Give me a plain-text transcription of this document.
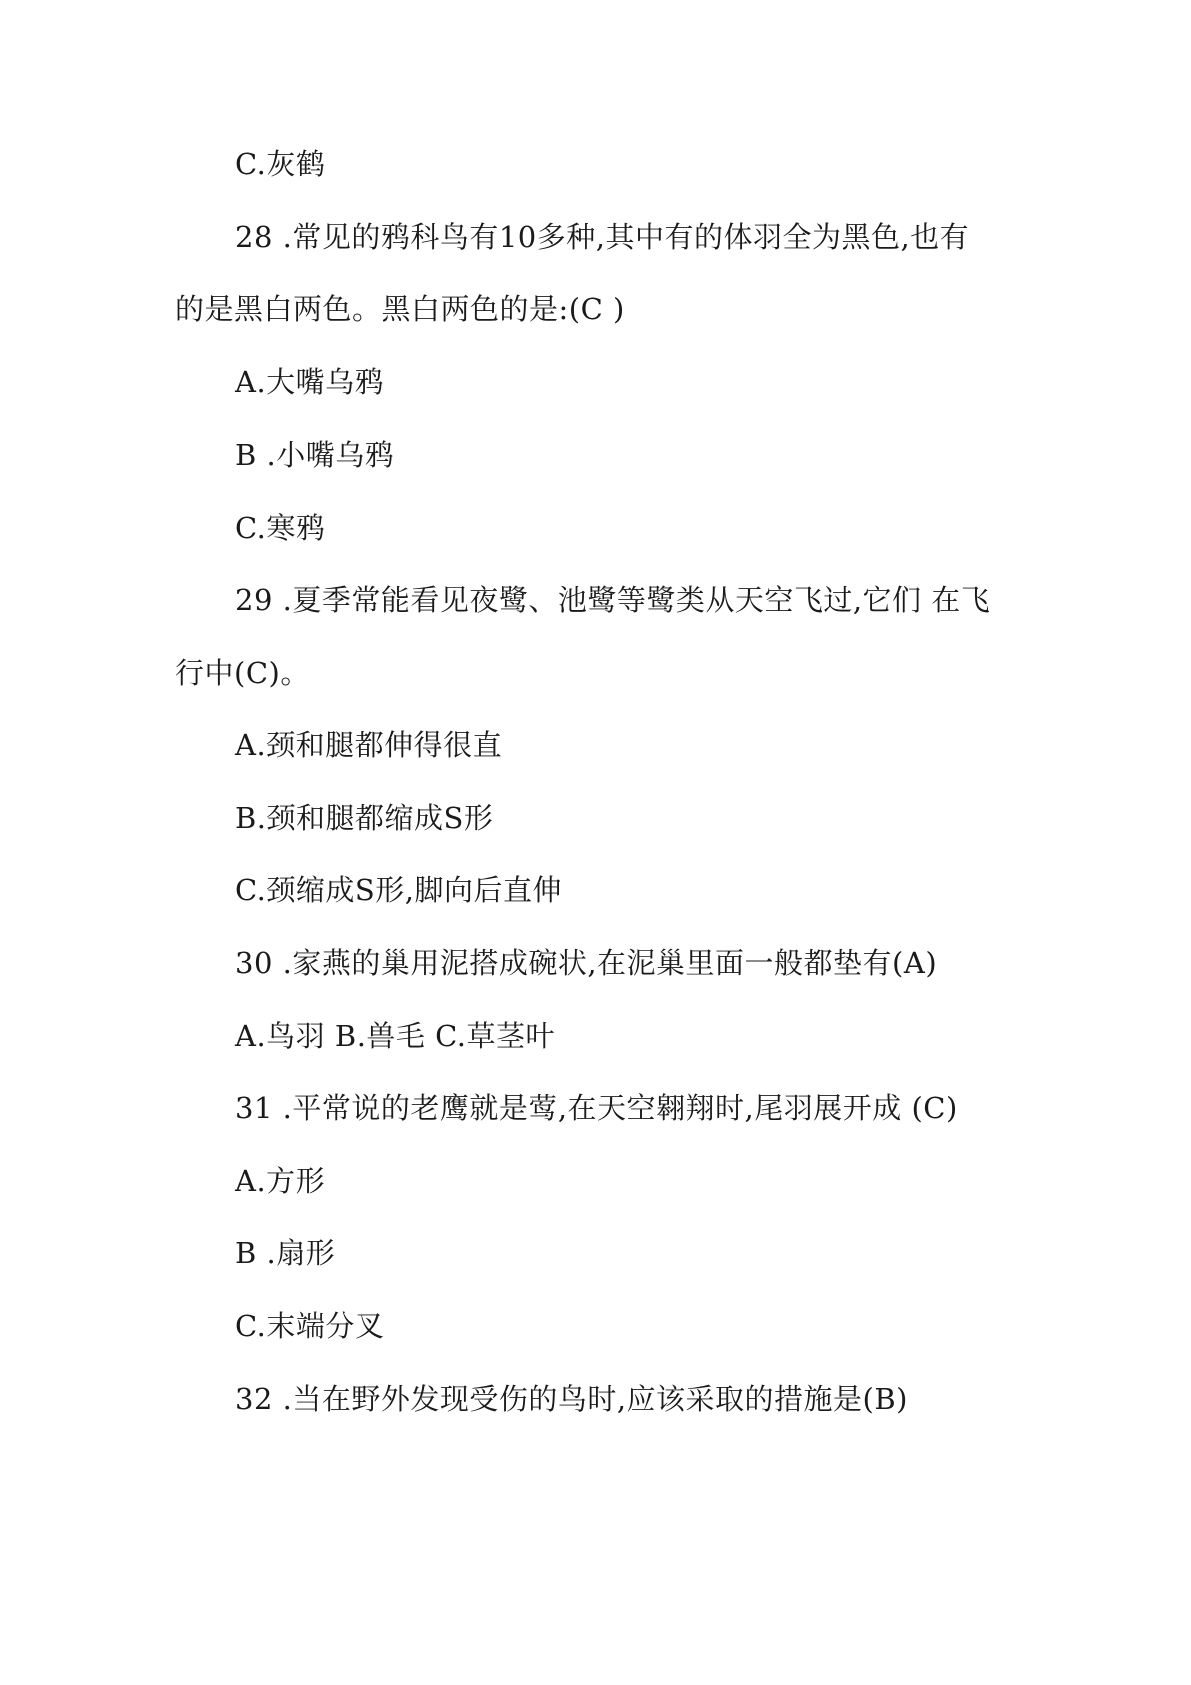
C.灰鹤
28 .常见的鸦科鸟有10多种,其中有的体羽全为黑色,也有
的是黑白两色。黑白两色的是:(C )
A.大嘴乌鸦
B .小嘴乌鸦
C.寒鸦
29 .夏季常能看见夜鹭、池鹭等鹭类从天空飞过,它们 在飞
行中(C)。
A.颈和腿都伸得很直
B.颈和腿都缩成S形
C.颈缩成S形,脚向后直伸
30 .家燕的巢用泥搭成碗状,在泥巢里面一般都垫有(A)
A.鸟羽 B.兽毛 C.草茎叶
31 .平常说的老鹰就是莺,在天空翱翔时,尾羽展开成 (C)
A.方形
B .扇形
C.末端分叉
32 .当在野外发现受伤的鸟时,应该采取的措施是(B)
